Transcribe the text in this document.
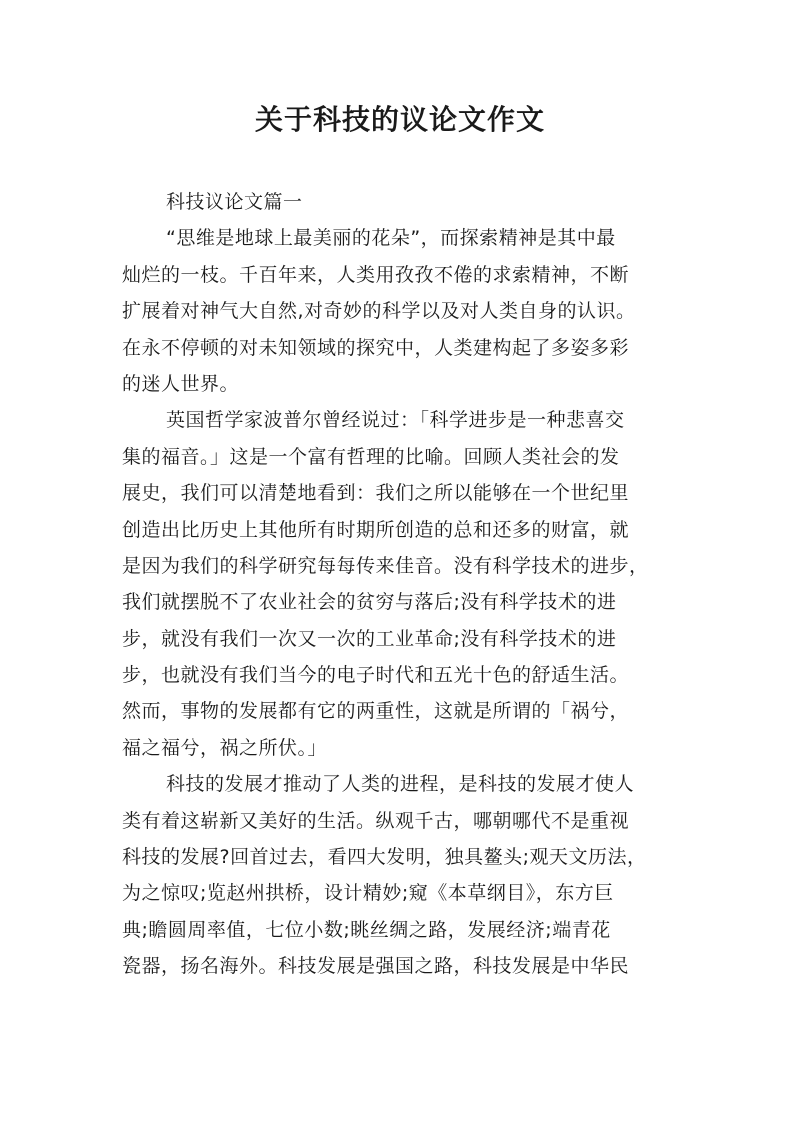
关于科技的议论文作文
科技议论文篇一
“思维是地球上最美丽的花朵”，而探索精神是其中最
灿烂的一枝。千百年来，人类用孜孜不倦的求索精神，不断
扩展着对神气大自然,对奇妙的科学以及对人类自身的认识。
在永不停顿的对未知领域的探究中，人类建构起了多姿多彩
的迷人世界。
英国哲学家波普尔曾经说过：「科学进步是一种悲喜交
集的福音。」这是一个富有哲理的比喻。回顾人类社会的发
展史，我们可以清楚地看到：我们之所以能够在一个世纪里
创造出比历史上其他所有时期所创造的总和还多的财富，就
是因为我们的科学研究每每传来佳音。没有科学技术的进步，
我们就摆脱不了农业社会的贫穷与落后;没有科学技术的进
步，就没有我们一次又一次的工业革命;没有科学技术的进
步，也就没有我们当今的电子时代和五光十色的舒适生活。
然而，事物的发展都有它的两重性，这就是所谓的「祸兮，
福之福兮，祸之所伏。」
科技的发展才推动了人类的进程，是科技的发展才使人
类有着这崭新又美好的生活。纵观千古，哪朝哪代不是重视
科技的发展?回首过去，看四大发明，独具鳌头;观天文历法，
为之惊叹;览赵州拱桥，设计精妙;窥《本草纲目》，东方巨
典;瞻圆周率值，七位小数;眺丝绸之路，发展经济;端青花
瓷器，扬名海外。科技发展是强国之路，科技发展是中华民
